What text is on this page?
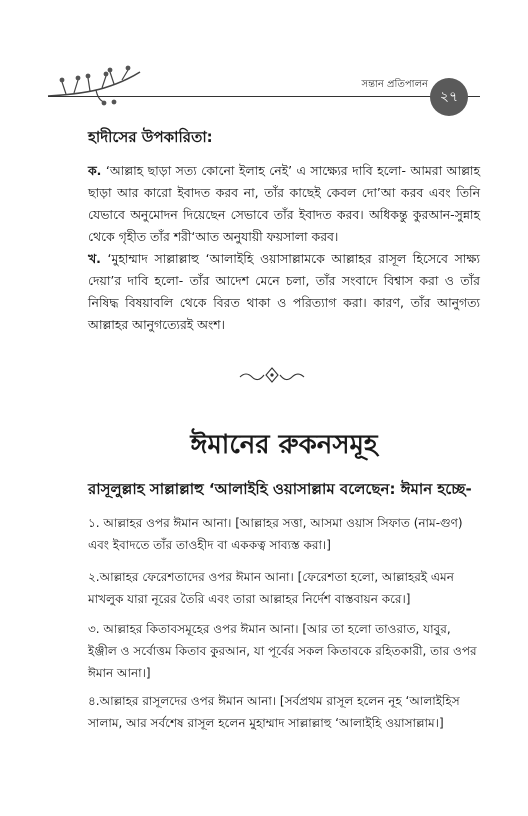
সন্তান প্রতিপালন
২৭
হাদীসের উপকারিতা:
ক. ‘আল্লাহ ছাড়া সত্য কোনো ইলাহ নেই’ এ সাক্ষ্যের দাবি হলো- আমরা আল্লাহ ছাড়া আর কারো ইবাদত করব না, তাঁর কাছেই কেবল দো’আ করব এবং তিনি যেভাবে অনুমোদন দিয়েছেন সেভাবে তাঁর ইবাদত করব। অধিকন্তু কুরআন-সুন্নাহ থেকে গৃহীত তাঁর শরী‘আত অনুযায়ী ফয়সালা করব।
খ. ‘মুহাম্মাদ সাল্লাল্লাহু ‘আলাইহি ওয়াসাল্লামকে আল্লাহর রাসূল হিসেবে সাক্ষ্য দেয়া’র দাবি হলো- তাঁর আদেশ মেনে চলা, তাঁর সংবাদে বিশ্বাস করা ও তাঁর নিষিদ্ধ বিষয়াবলি থেকে বিরত থাকা ও পরিত্যাগ করা। কারণ, তাঁর আনুগত্য আল্লাহর আনুগত্যেরই অংশ।
ঈমানের রুকনসমূহ
রাসূলুল্লাহ সাল্লাল্লাহু ‘আলাইহি ওয়াসাল্লাম বলেছেন: ঈমান হচ্ছে-
১. আল্লাহর ওপর ঈমান আনা। [আল্লাহর সত্তা, আসমা ওয়াস সিফাত (নাম-গুণ) এবং ইবাদতে তাঁর তাওহীদ বা এককত্ব সাব্যস্ত করা।]
২.আল্লাহর ফেরেশতাদের ওপর ঈমান আনা। [ফেরেশতা হলো, আল্লাহরই এমন মাখলুক যারা নূরের তৈরি এবং তারা আল্লাহর নির্দেশ বাস্তবায়ন করে।]
৩. আল্লাহর কিতাবসমূহের ওপর ঈমান আনা। [আর তা হলো তাওরাত, যাবুর, ইঞ্জীল ও সর্বোত্তম কিতাব কুরআন, যা পূর্বের সকল কিতাবকে রহিতকারী, তার ওপর ঈমান আনা।]
৪.আল্লাহর রাসূলদের ওপর ঈমান আনা। [সর্বপ্রথম রাসূল হলেন নূহ ‘আলাইহিস সালাম, আর সর্বশেষ রাসূল হলেন মুহাম্মাদ সাল্লাল্লাহু ‘আলাইহি ওয়াসাল্লাম।]
